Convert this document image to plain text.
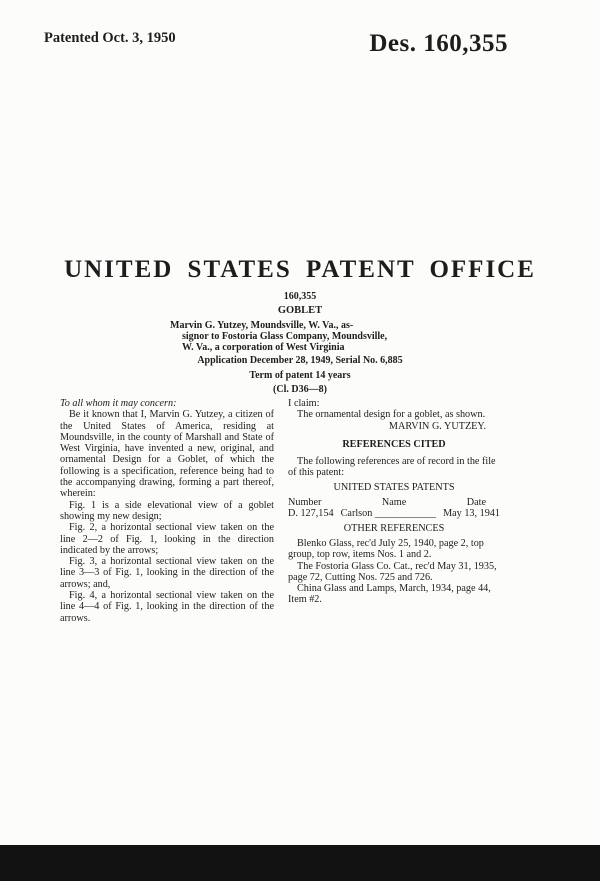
Patented Oct. 3, 1950	Des. 160,355
UNITED STATES PATENT OFFICE
160,355
GOBLET
Marvin G. Yutzey, Moundsville, W. Va., as-
signor to Fostoria Glass Company, Moundsville,
W. Va., a corporation of West Virginia
Application December 28, 1949, Serial No. 6,885
Term of patent 14 years
(Cl. D36—8)

To all whom it may concern:

Be it known that I, Marvin G. Yutzey, a citizen of the United States of America, residing at Moundsville, in the county of Marshall and State of West Virginia, have invented a new, original, and ornamental Design for a Goblet, of which the following is a specification, reference being had to the accompanying drawing, forming a part thereof, wherein:

Fig. 1 is a side elevational view of a goblet showing my new design;

Fig. 2, a horizontal sectional view taken on the line 2—2 of Fig. 1, looking in the direction indicated by the arrows;

Fig. 3, a horizontal sectional view taken on the line 3—3 of Fig. 1, looking in the direction of the arrows; and,

Fig. 4, a horizontal sectional view taken on the line 4—4 of Fig. 1, looking in the direction of the arrows.

I claim:

The ornamental design for a goblet, as shown.

MARVIN G. YUTZEY.

REFERENCES CITED

The following references are of record in the file of this patent:

UNITED STATES PATENTS

Number	Name	Date
D. 127,154 Carlson ____________ May 13, 1941

OTHER REFERENCES

Blenko Glass, rec'd July 25, 1940, page 2, top group, top row, items Nos. 1 and 2.

The Fostoria Glass Co. Cat., rec'd May 31, 1935, page 72, Cutting Nos. 725 and 726.

China Glass and Lamps, March, 1934, page 44, Item #2.
